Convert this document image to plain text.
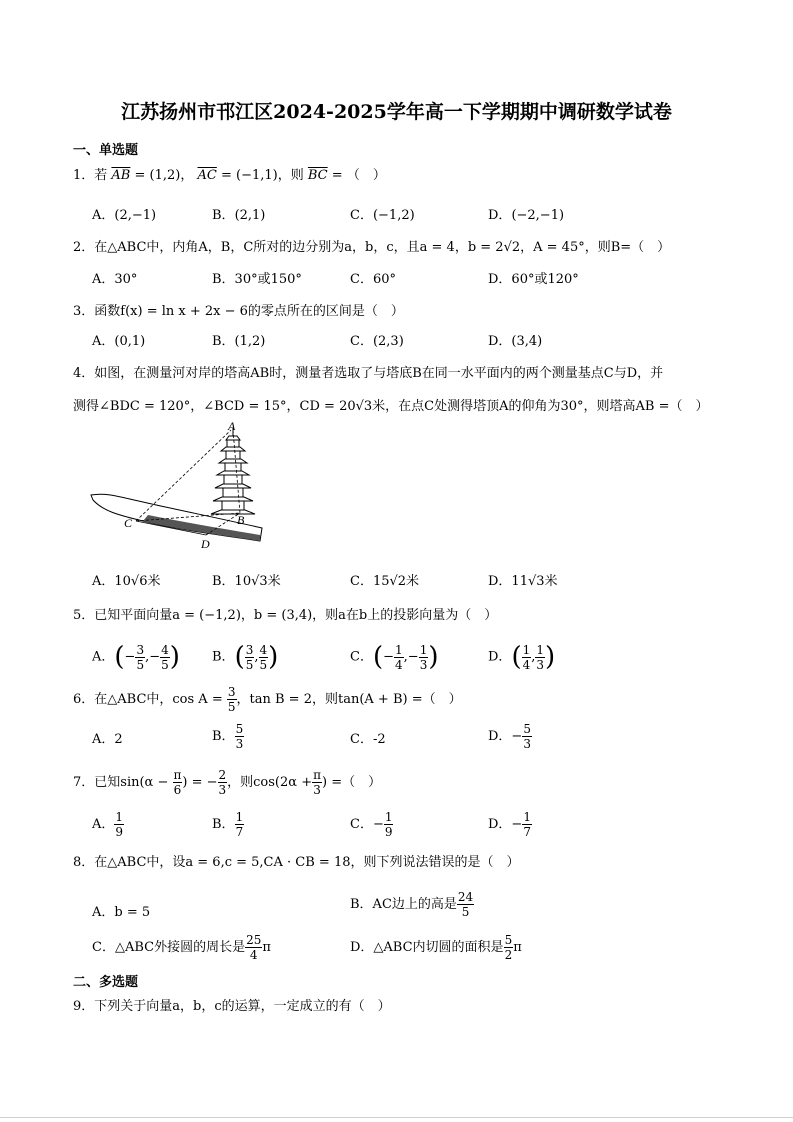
江苏扬州市邗江区2024-2025学年高一下学期期中调研数学试卷
一、单选题
1．若 $\overline{AB} = (1,2)$， $\overline{AC} = (-1,1)$，则 $\overline{BC}$ = （　）
A．(2,−1)	B．(2,1)	C．(−1,2)	D．(−2,−1)
2．在△ABC中，内角A，B，C所对的边分别为a，b，c，且a = 4，b = 2√2，A = 45°，则B=（　）
A．30°	B．30°或150°	C．60°	D．60°或120°
3．函数f(x) = ln x + 2x − 6的零点所在的区间是（　）
A．(0,1)	B．(1,2)	C．(2,3)	D．(3,4)
4．如图，在测量河对岸的塔高AB时，测量者选取了与塔底B在同一水平面内的两个测量基点C与D，并
测得∠BDC = 120°，∠BCD = 15°，CD = 20√3米，在点C处测得塔顶A的仰角为30°，则塔高AB =（　）
A
B
C
D
A．10√6米	B．10√3米	C．15√2米	D．11√3米
5．已知平面向量a = (−1,2)，b = (3,4)，则a在b上的投影向量为（　）
A．(− $\frac{3}{5}$ ,− $\frac{4}{5}$ ) B．( $\frac{3}{5}$ , $\frac{4}{5}$ )	C．(− $\frac{1}{4}$ ,− $\frac{1}{3}$ )	D．( $\frac{1}{4}$ , $\frac{1}{3}$ )
6．在△ABC中，$\cos A = \frac{3}{5}$ ，tan B = 2，则tan(A + B) =（　）
A．2	B． $\frac{5}{3}$	C．-2	D．− $\frac{5}{3}$
7．已知$\sin(\alpha - \frac{\pi}{6}$ ) = − $\frac{2}{3}$ ，则$\cos(2\alpha + \frac{\pi}{3}$ ) =（　）
A． $\frac{1}{9}$	B． $\frac{1}{7}$	C．− $\frac{1}{9}$	D．− $\frac{1}{7}$
8．在△ABC中，设a = 6,c = 5,CA · CB = 18，则下列说法错误的是（　）
A．b = 5
B．AC边上的高是 $\frac{24}{5}$
C．△ABC外接圆的周长是 $\frac{25}{4}$ π	D．△ABC内切圆的面积是 $\frac{5}{2}$ π
二、多选题
9．下列关于向量a，b，c的运算，一定成立的有（　）
